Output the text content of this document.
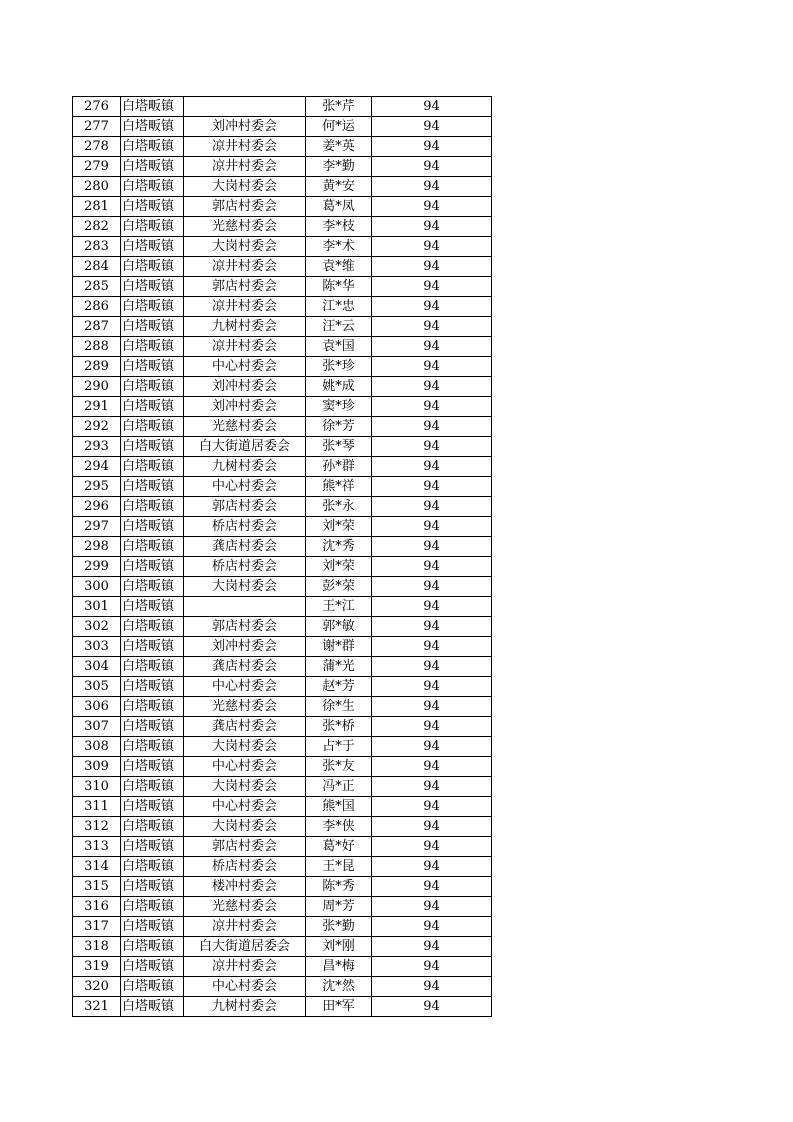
276	白塔畈镇		张*芹	94
277	白塔畈镇	刘冲村委会	何*运	94
278	白塔畈镇	凉井村委会	姜*英	94
279	白塔畈镇	凉井村委会	李*勤	94
280	白塔畈镇	大岗村委会	黄*安	94
281	白塔畈镇	郭店村委会	葛*凤	94
282	白塔畈镇	光慈村委会	李*枝	94
283	白塔畈镇	大岗村委会	李*术	94
284	白塔畈镇	凉井村委会	袁*维	94
285	白塔畈镇	郭店村委会	陈*华	94
286	白塔畈镇	凉井村委会	江*忠	94
287	白塔畈镇	九树村委会	汪*云	94
288	白塔畈镇	凉井村委会	袁*国	94
289	白塔畈镇	中心村委会	张*珍	94
290	白塔畈镇	刘冲村委会	姚*成	94
291	白塔畈镇	刘冲村委会	窦*珍	94
292	白塔畈镇	光慈村委会	徐*芳	94
293	白塔畈镇	白大街道居委会	张*琴	94
294	白塔畈镇	九树村委会	孙*群	94
295	白塔畈镇	中心村委会	熊*祥	94
296	白塔畈镇	郭店村委会	张*永	94
297	白塔畈镇	桥店村委会	刘*荣	94
298	白塔畈镇	龚店村委会	沈*秀	94
299	白塔畈镇	桥店村委会	刘*荣	94
300	白塔畈镇	大岗村委会	彭*荣	94
301	白塔畈镇		王*江	94
302	白塔畈镇	郭店村委会	郭*敏	94
303	白塔畈镇	刘冲村委会	谢*群	94
304	白塔畈镇	龚店村委会	蒲*光	94
305	白塔畈镇	中心村委会	赵*芳	94
306	白塔畈镇	光慈村委会	徐*生	94
307	白塔畈镇	龚店村委会	张*桥	94
308	白塔畈镇	大岗村委会	占*于	94
309	白塔畈镇	中心村委会	张*友	94
310	白塔畈镇	大岗村委会	冯*正	94
311	白塔畈镇	中心村委会	熊*国	94
312	白塔畈镇	大岗村委会	李*侠	94
313	白塔畈镇	郭店村委会	葛*好	94
314	白塔畈镇	桥店村委会	王*昆	94
315	白塔畈镇	楼冲村委会	陈*秀	94
316	白塔畈镇	光慈村委会	周*芳	94
317	白塔畈镇	凉井村委会	张*勤	94
318	白塔畈镇	白大街道居委会	刘*刚	94
319	白塔畈镇	凉井村委会	昌*梅	94
320	白塔畈镇	中心村委会	沈*然	94
321	白塔畈镇	九树村委会	田*军	94
